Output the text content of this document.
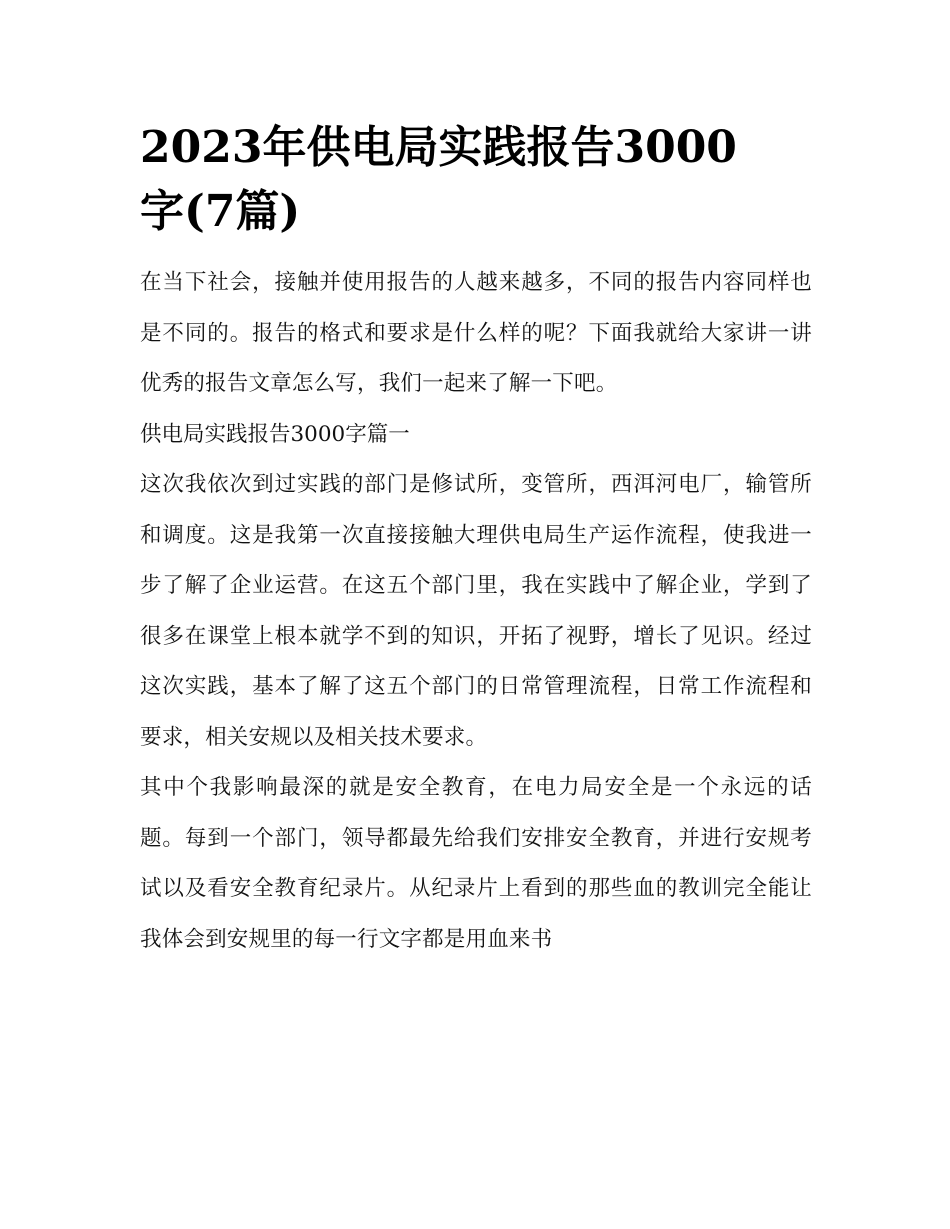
2023年供电局实践报告3000
字(7篇)

在当下社会，接触并使用报告的人越来越多，不同的报告内容同样也是不同的。报告的格式和要求是什么样的呢？下面我就给大家讲一讲优秀的报告文章怎么写，我们一起来了解一下吧。

供电局实践报告3000字篇一

这次我依次到过实践的部门是修试所，变管所，西洱河电厂，输管所和调度。这是我第一次直接接触大理供电局生产运作流程，使我进一步了解了企业运营。在这五个部门里，我在实践中了解企业，学到了很多在课堂上根本就学不到的知识，开拓了视野，增长了见识。经过这次实践，基本了解了这五个部门的日常管理流程，日常工作流程和要求，相关安规以及相关技术要求。

其中个我影响最深的就是安全教育，在电力局安全是一个永远的话题。每到一个部门，领导都最先给我们安排安全教育，并进行安规考试以及看安全教育纪录片。从纪录片上看到的那些血的教训完全能让我体会到安规里的每一行文字都是用血来书
